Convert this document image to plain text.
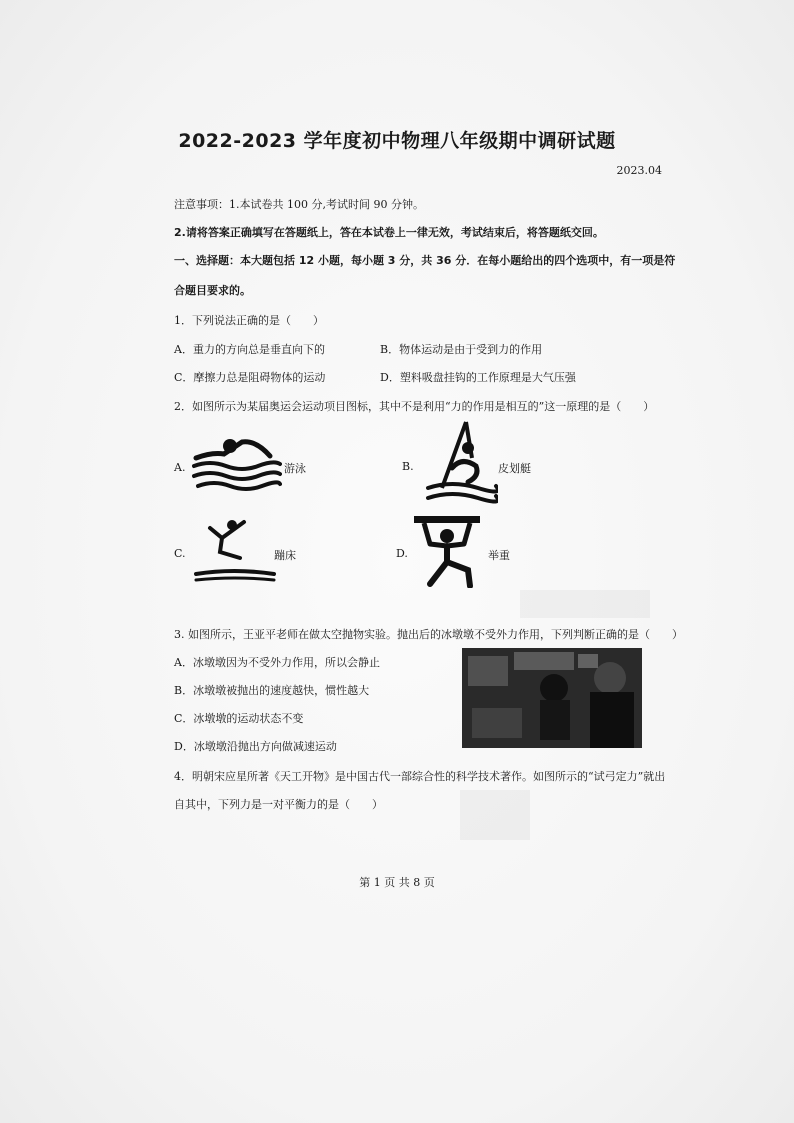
2022-2023 学年度初中物理八年级期中调研试题
2023.04
注意事项：1.本试卷共 100 分,考试时间 90 分钟。
2.请将答案正确填写在答题纸上，答在本试卷上一律无效，考试结束后，将答题纸交回。
一、选择题：本大题包括 12 小题，每小题 3 分，共 36 分．在每小题给出的四个选项中，有一项是符
合题目要求的。
1．下列说法正确的是（　　）
A．重力的方向总是垂直向下的	B．物体运动是由于受到力的作用
C．摩擦力总是阻碍物体的运动	D．塑料吸盘挂钩的工作原理是大气压强
2．如图所示为某届奥运会运动项目图标，其中不是利用“力的作用是相互的”这一原理的是（　　）
A.	游泳	B.	皮划艇
C.	蹦床	D.	举重
3. 如图所示，王亚平老师在做太空抛物实验。抛出后的冰墩墩不受外力作用，下列判断正确的是（　　）
A．冰墩墩因为不受外力作用，所以会静止
B．冰墩墩被抛出的速度越快，惯性越大
C．冰墩墩的运动状态不变
D．冰墩墩沿抛出方向做减速运动
4．明朝宋应星所著《天工开物》是中国古代一部综合性的科学技术著作。如图所示的“试弓定力”就出
自其中，下列力是一对平衡力的是（　　）
第 1 页 共 8 页
